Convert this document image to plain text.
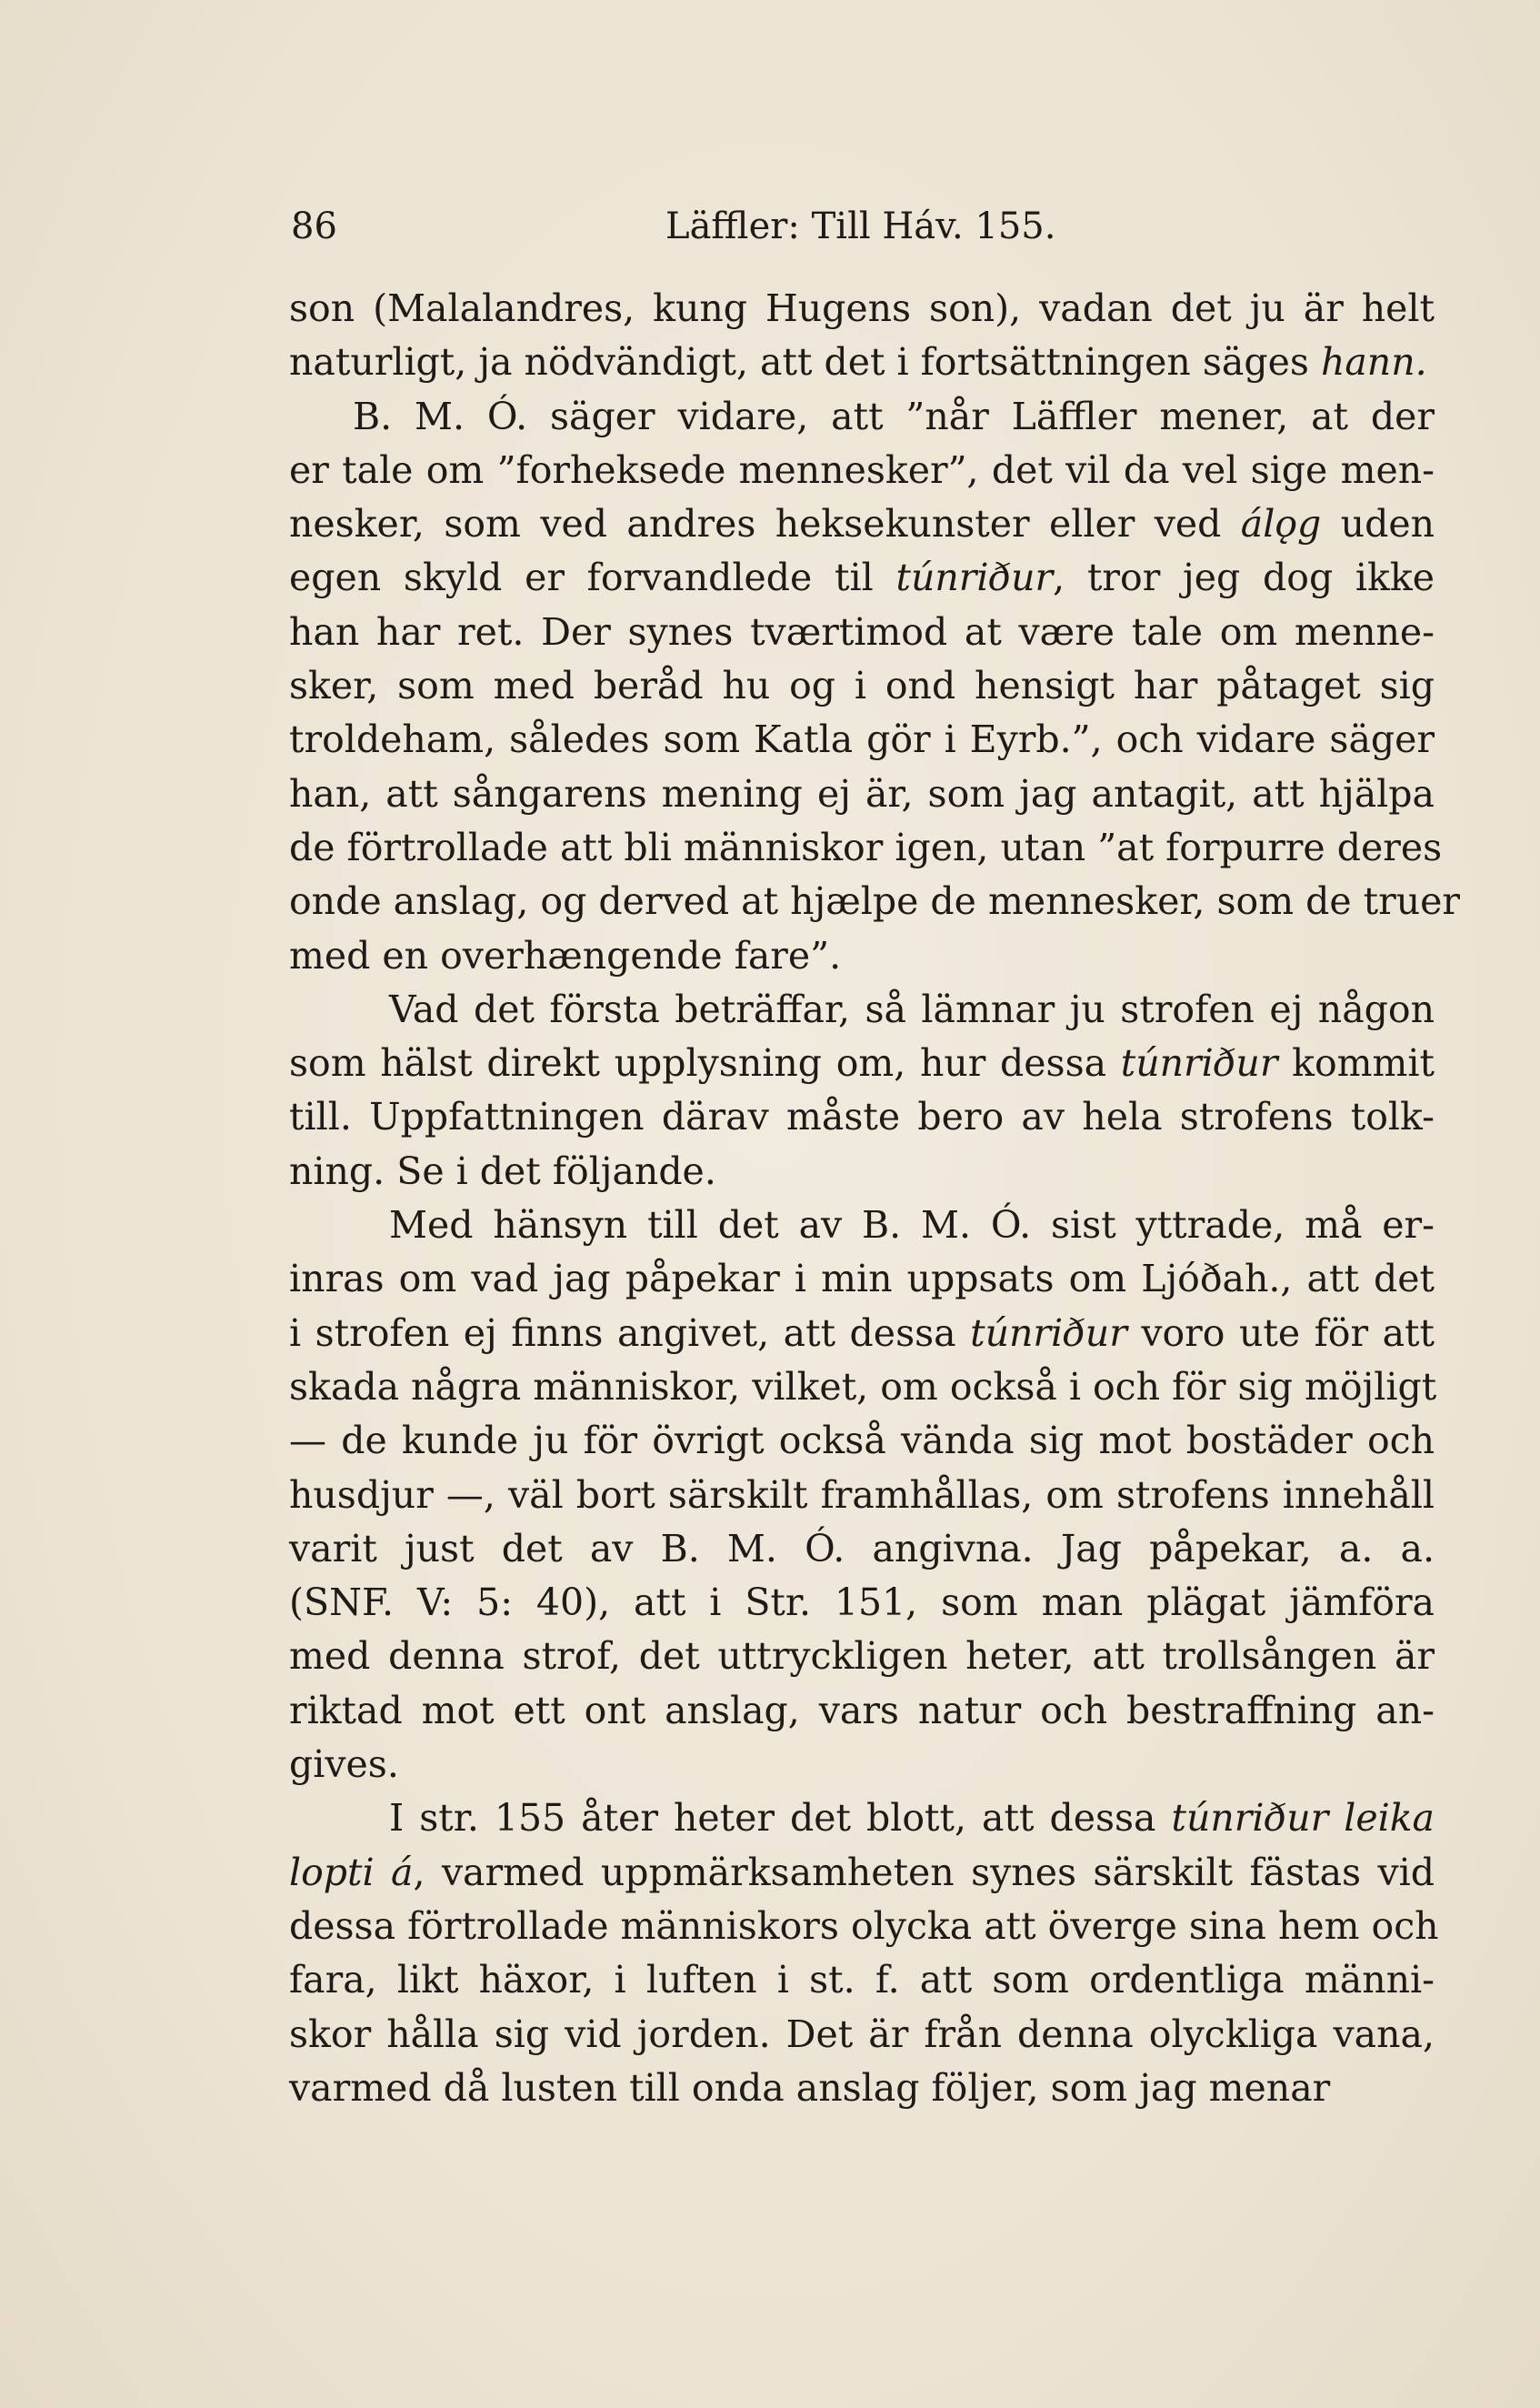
86	Läffler: Till Háv. 155.
son (Malalandres, kung Hugens son), vadan det ju är helt
naturligt, ja nödvändigt, att det i fortsättningen säges hann.
B. M. Ó. säger vidare, att ”når Läffler mener, at der
er tale om ”forheksede mennesker”, det vil da vel sige men-
nesker, som ved andres heksekunster eller ved álǫg uden
egen skyld er forvandlede til túnriður, tror jeg dog ikke
han har ret. Der synes tværtimod at være tale om menne-
sker, som med beråd hu og i ond hensigt har påtaget sig
troldeham, således som Katla gör i Eyrb.”, och vidare säger
han, att sångarens mening ej är, som jag antagit, att hjälpa
de förtrollade att bli människor igen, utan ”at forpurre deres
onde anslag, og derved at hjælpe de mennesker, som de truer
med en overhængende fare”.
Vad det första beträffar, så lämnar ju strofen ej någon
som hälst direkt upplysning om, hur dessa túnriður kommit
till. Uppfattningen därav måste bero av hela strofens tolk-
ning. Se i det följande.
Med hänsyn till det av B. M. Ó. sist yttrade, må er-
inras om vad jag påpekar i min uppsats om Ljóðah., att det
i strofen ej finns angivet, att dessa túnriður voro ute för att
skada några människor, vilket, om också i och för sig möjligt
— de kunde ju för övrigt också vända sig mot bostäder och
husdjur —, väl bort särskilt framhållas, om strofens innehåll
varit just det av B. M. Ó. angivna. Jag påpekar, a. a.
(SNF. V: 5: 40), att i Str. 151, som man plägat jämföra
med denna strof, det uttryckligen heter, att trollsången är
riktad mot ett ont anslag, vars natur och bestraffning an-
gives.
I str. 155 åter heter det blott, att dessa túnriður leika
lopti á, varmed uppmärksamheten synes särskilt fästas vid
dessa förtrollade människors olycka att överge sina hem och
fara, likt häxor, i luften i st. f. att som ordentliga männi-
skor hålla sig vid jorden. Det är från denna olyckliga vana,
varmed då lusten till onda anslag följer, som jag menar
